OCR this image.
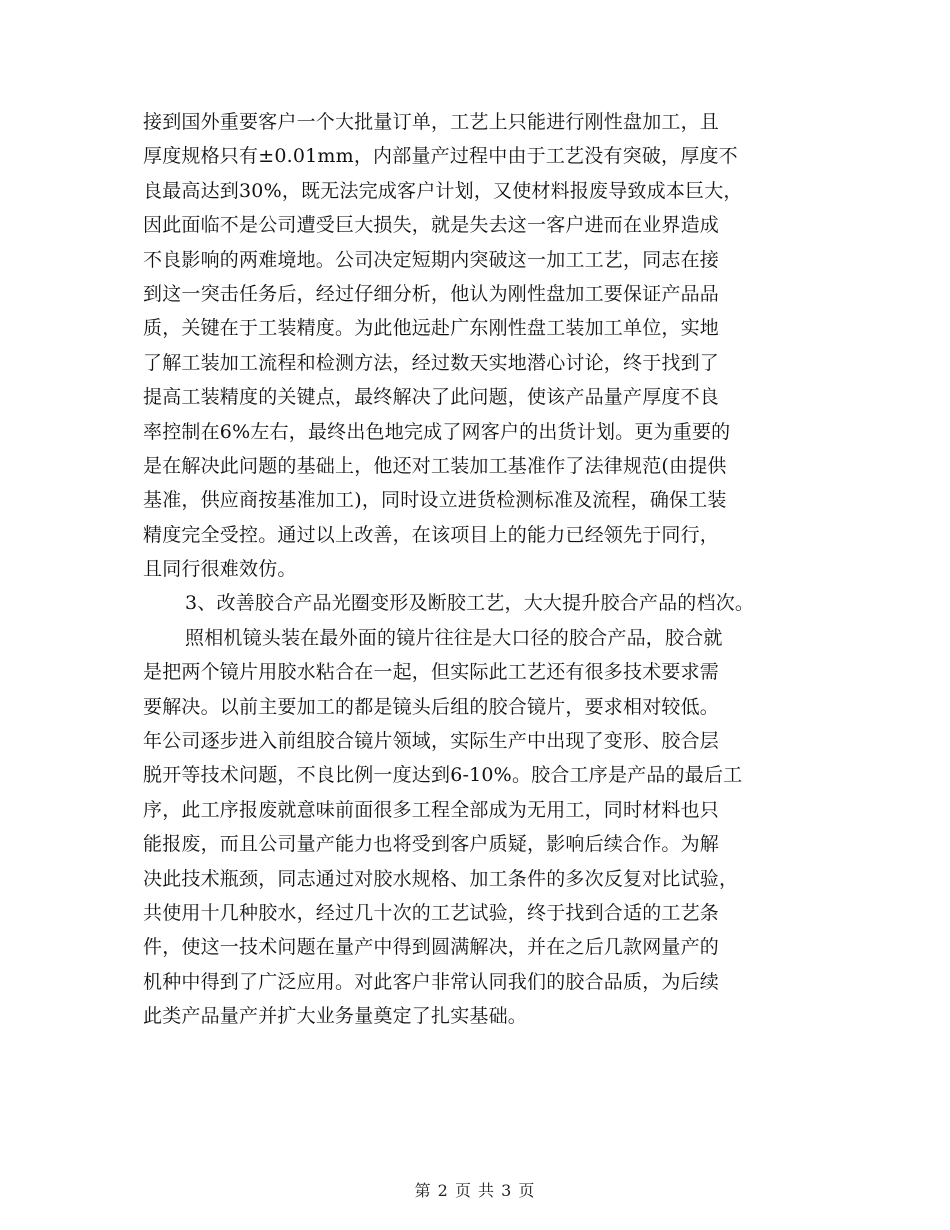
接到国外重要客户一个大批量订单，工艺上只能进行刚性盘加工，且
厚度规格只有±0.01mm，内部量产过程中由于工艺没有突破，厚度不
良最高达到30%，既无法完成客户计划，又使材料报废导致成本巨大，
因此面临不是公司遭受巨大损失，就是失去这一客户进而在业界造成
不良影响的两难境地。公司决定短期内突破这一加工工艺，同志在接
到这一突击任务后，经过仔细分析，他认为刚性盘加工要保证产品品
质，关键在于工装精度。为此他远赴广东刚性盘工装加工单位，实地
了解工装加工流程和检测方法，经过数天实地潜心讨论，终于找到了
提高工装精度的关键点，最终解决了此问题，使该产品量产厚度不良
率控制在6%左右，最终出色地完成了网客户的出货计划。更为重要的
是在解决此问题的基础上，他还对工装加工基准作了法律规范(由提供
基准，供应商按基准加工)，同时设立进货检测标准及流程，确保工装
精度完全受控。通过以上改善，在该项目上的能力已经领先于同行，
且同行很难效仿。
3、改善胶合产品光圈变形及断胶工艺，大大提升胶合产品的档次。
照相机镜头装在最外面的镜片往往是大口径的胶合产品，胶合就
是把两个镜片用胶水粘合在一起，但实际此工艺还有很多技术要求需
要解决。以前主要加工的都是镜头后组的胶合镜片，要求相对较低。
年公司逐步进入前组胶合镜片领域，实际生产中出现了变形、胶合层
脱开等技术问题，不良比例一度达到6-10%。胶合工序是产品的最后工
序，此工序报废就意味前面很多工程全部成为无用工，同时材料也只
能报废，而且公司量产能力也将受到客户质疑，影响后续合作。为解
决此技术瓶颈，同志通过对胶水规格、加工条件的多次反复对比试验，
共使用十几种胶水，经过几十次的工艺试验，终于找到合适的工艺条
件，使这一技术问题在量产中得到圆满解决，并在之后几款网量产的
机种中得到了广泛应用。对此客户非常认同我们的胶合品质，为后续
此类产品量产并扩大业务量奠定了扎实基础。
第 2 页 共 3 页
